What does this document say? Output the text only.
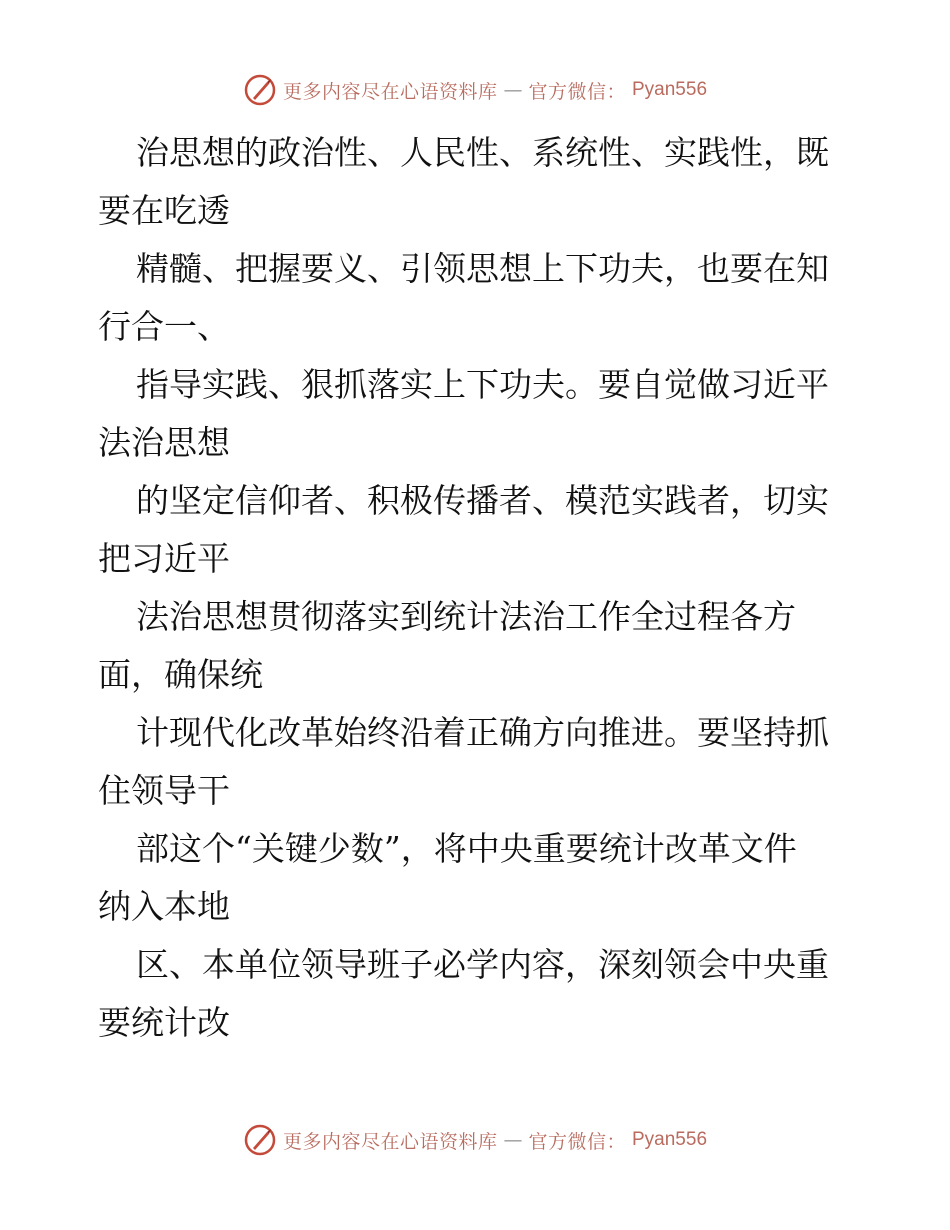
更多内容尽在心语资料库 — 官方微信： Pyan556

治思想的政治性、人民性、系统性、实践性，既
要在吃透

精髓、把握要义、引领思想上下功夫，也要在知
行合一、

指导实践、狠抓落实上下功夫。要自觉做习近平
法治思想

的坚定信仰者、积极传播者、模范实践者，切实
把习近平

法治思想贯彻落实到统计法治工作全过程各方
面，确保统

计现代化改革始终沿着正确方向推进。要坚持抓
住领导干

部这个“关键少数”，将中央重要统计改革文件
纳入本地

区、本单位领导班子必学内容，深刻领会中央重
要统计改

更多内容尽在心语资料库 — 官方微信： Pyan556
